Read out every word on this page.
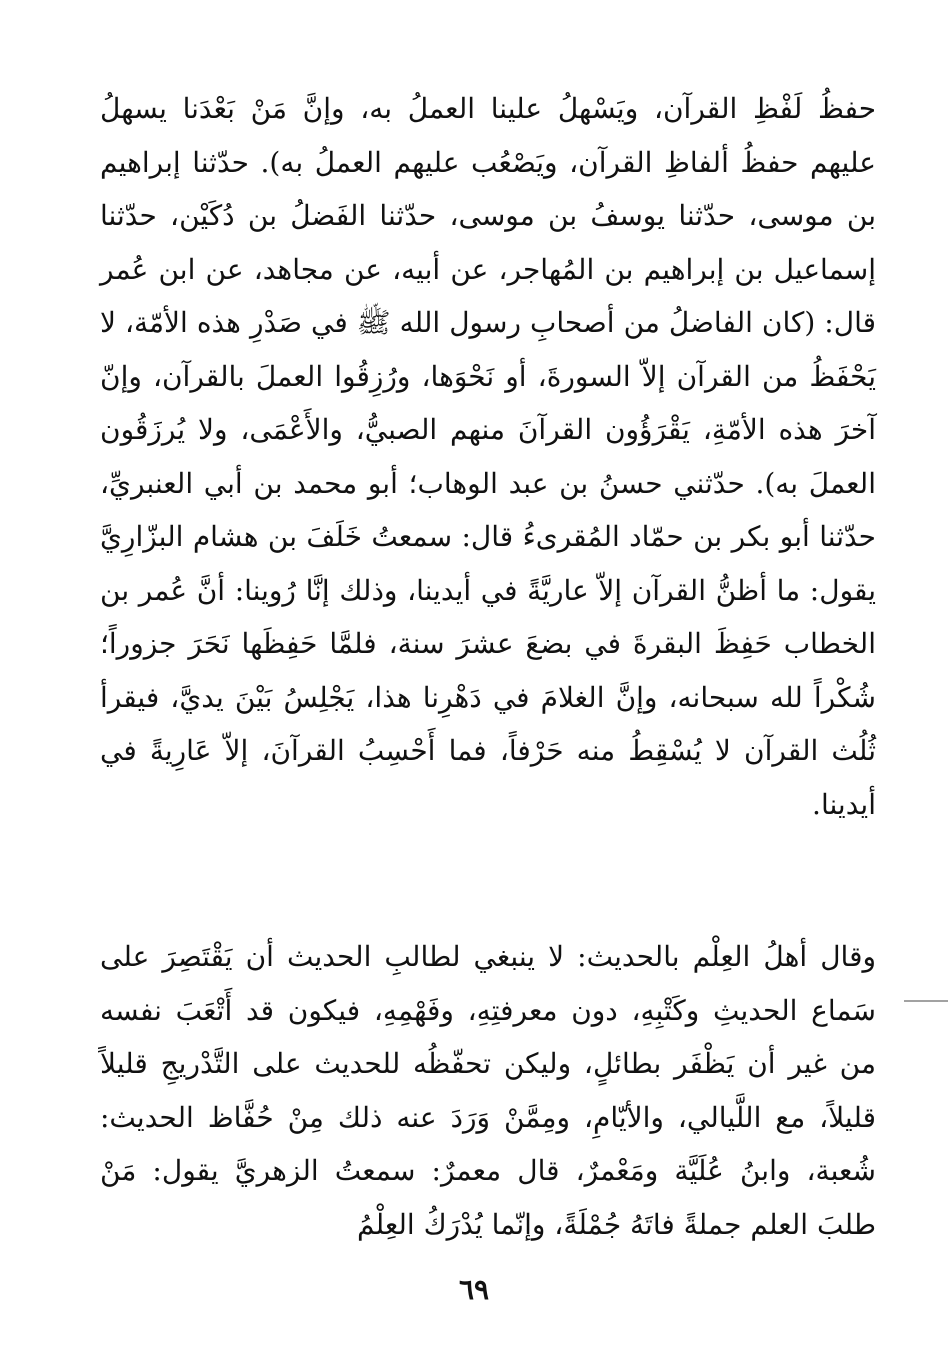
حفظُ لَفْظِ القرآن، ويَسْهلُ علينا العملُ به، وإنَّ مَنْ بَعْدَنا يسهلُ عليهم حفظُ ألفاظِ القرآن، ويَصْعُب عليهم العملُ به). حدّثنا إبراهيم بن موسى، حدّثنا يوسفُ بن موسى، حدّثنا الفَضلُ بن دُكَيْن، حدّثنا إسماعيل بن إبراهيم بن المُهاجر، عن أبيه، عن مجاهد، عن ابن عُمر قال: (كان الفاضلُ من أصحابِ رسول الله ﷺ في صَدْرِ هذه الأمّة، لا يَحْفَظُ من القرآن إلاّ السورةَ، أو نَحْوَها، ورُزِقُوا العملَ بالقرآن، وإنّ آخرَ هذه الأمّةِ، يَقْرَؤُون القرآنَ منهم الصبيُّ، والأَعْمَى، ولا يُرزَقُون العملَ به). حدّثني حسنُ بن عبد الوهاب؛ أبو محمد بن أبي العنبريِّ، حدّثنا أبو بكر بن حمّاد المُقرىءُ قال: سمعتُ خَلَفَ بن هشام البزّارِيَّ يقول: ما أظنُّ القرآن إلاّ عاريَّةً في أيدينا، وذلك إنَّا رُوينا: أنَّ عُمر بن الخطاب حَفِظَ البقرةَ في بضعَ عشرَ سنة، فلمَّا حَفِظَها نَحَرَ جزوراً؛ شُكْراً لله سبحانه، وإنَّ الغلامَ في دَهْرِنا هذا، يَجْلِسُ بَيْنَ يديَّ، فيقرأ ثُلُث القرآن لا يُسْقِطُ منه حَرْفاً، فما أَحْسِبُ القرآنَ، إلاّ عَارِيةً في أيدينا.

وقال أهلُ العِلْم بالحديث: لا ينبغي لطالبِ الحديث أن يَقْتَصِرَ على سَماع الحديثِ وكَتْبِهِ، دون معرفتِهِ، وفَهْمِهِ، فيكون قد أَتْعَبَ نفسه من غير أن يَظْفَر بطائلٍ، وليكن تحفّظُه للحديث على التَّدْريجِ قليلاً قليلاً، مع اللَّيالي، والأيّامِ، ومِمَّنْ وَرَدَ عنه ذلك مِنْ حُفَّاظ الحديث: شُعبة، وابنُ عُلَيَّة ومَعْمرٌ، قال معمرٌ: سمعتُ الزهريَّ يقول: مَنْ طلبَ العلم جملةً فاتَهُ جُمْلَةً، وإنّما يُدْرَكُ العِلْمُ

٦٩
